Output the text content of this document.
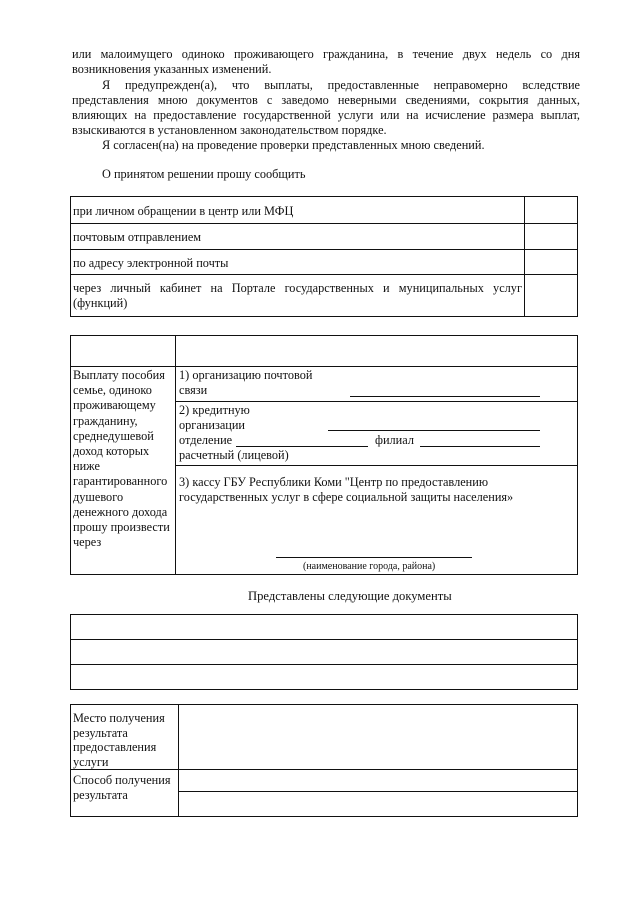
или малоимущего одиноко проживающего гражданина, в течение двух недель со дня
возникновения указанных изменений.
Я предупрежден(а), что выплаты, предоставленные неправомерно вследствие
представления мною документов с заведомо неверными сведениями, сокрытия данных,
влияющих на предоставление государственной услуги или на исчисление размера выплат,
взыскиваются в установленном законодательством порядке.
Я согласен(на) на проведение проверки представленных мною сведений.
О принятом решении прошу сообщить
при личном обращении в центр или МФЦ
почтовым отправлением
по адресу электронной почты
через личный кабинет на Портале государственных и муниципальных услуг
(функций)
Выплату пособия семье, одиноко проживающему гражданину, среднедушевой доход которых ниже гарантированного душевого денежного дохода прошу произвести через
1) организацию почтовой
связи
2) кредитную
организации
отделение	филиал
расчетный (лицевой)
3) кассу ГБУ Республики Коми "Центр по предоставлению
государственных услуг в сфере социальной защиты населения»
(наименование города, района)
Представлены следующие документы
Место получения результата предоставления услуги
Способ получения результата
